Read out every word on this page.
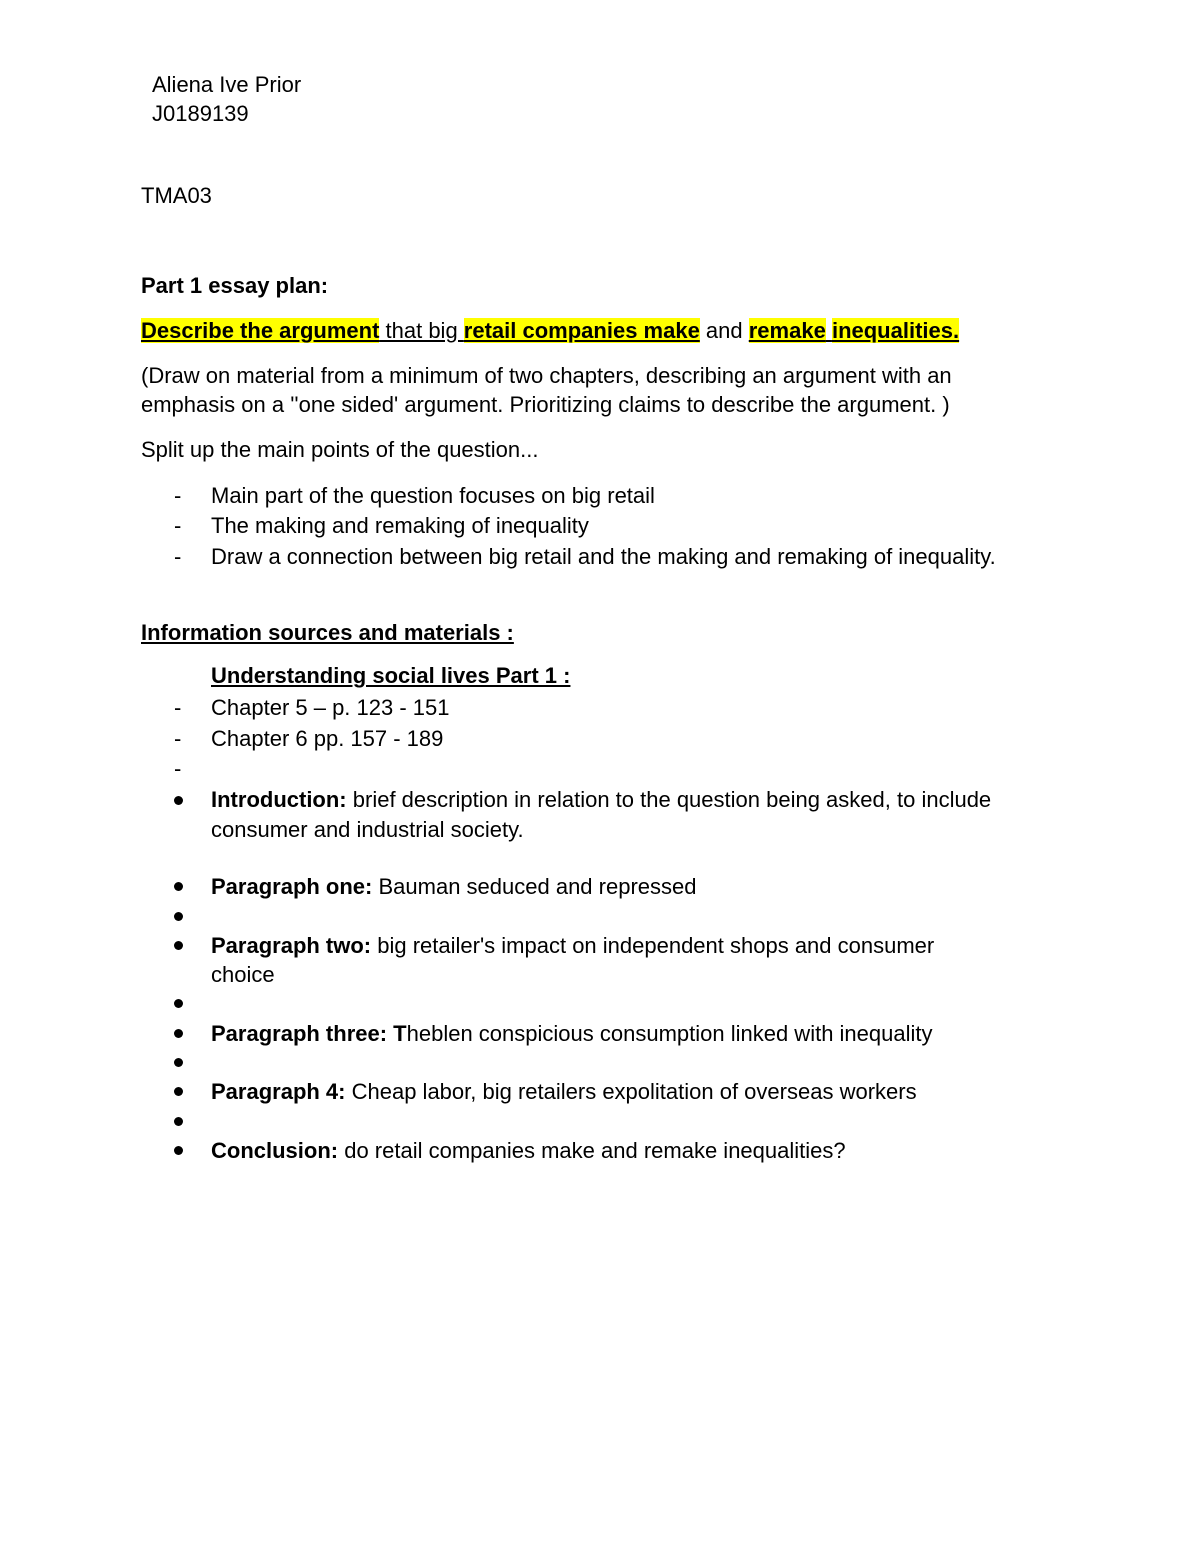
Aliena Ive Prior
J0189139
TMA03
Part 1 essay plan:
Describe the argument that big retail companies make and remake inequalities.
(Draw on material from a minimum of two chapters, describing an argument with an
emphasis on a ''one sided' argument. Prioritizing claims to describe the argument. )
Split up the main points of the question...
- Main part of the question focuses on big retail
- The making and remaking of inequality
- Draw a connection between big retail and the making and remaking of inequality.
Information sources and materials :
Understanding social lives Part 1 :
- Chapter 5 – p. 123 - 151
- Chapter 6 pp. 157 - 189
-
Introduction: brief description in relation to the question being asked, to include
consumer and industrial society.
Paragraph one: Bauman seduced and repressed
Paragraph two: big retailer's impact on independent shops and consumer
choice
Paragraph three: Theblen conspicious consumption linked with inequality
Paragraph 4: Cheap labor, big retailers expolitation of overseas workers
Conclusion: do retail companies make and remake inequalities?
